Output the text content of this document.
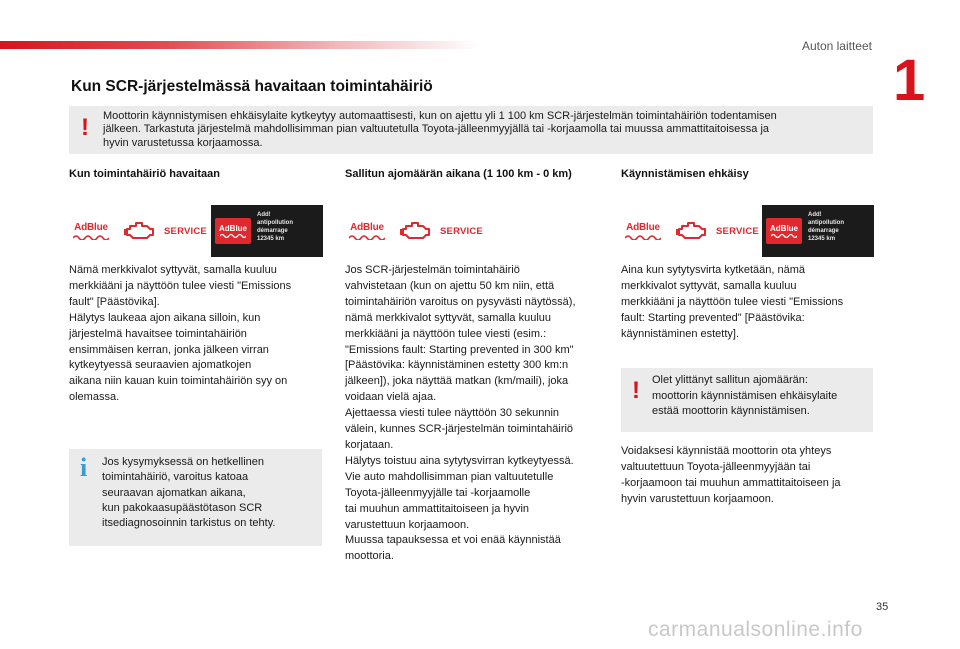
Auton laitteet
1
Kun SCR-järjestelmässä havaitaan toimintahäiriö
! Moottorin käynnistymisen ehkäisylaite kytkeytyy automaattisesti, kun on ajettu yli 1 100 km SCR-järjestelmän toimintahäiriön todentamisen
jälkeen. Tarkastuta järjestelmä mahdollisimman pian valtuutetulla Toyota-jälleenmyyjällä tai -korjaamolla tai muussa ammattitaitoisessa ja
hyvin varustetussa korjaamossa.
Kun toimintahäiriö havaitaan	Sallitun ajomäärän aikana (1 100 km - 0 km)	Käynnistämisen ehkäisy
AdBlue	SERVICE AdBlue
Add!
antipollution
démarrage
12345 km
AdBlue	SERVICE	AdBlue	SERVICE AdBlue
Add!
antipollution
démarrage
12345 km
Nämä merkkivalot syttyvät, samalla kuuluu
merkkiääni ja näyttöön tulee viesti "Emissions
fault" [Päästövika].
Hälytys laukeaa ajon aikana silloin, kun
järjestelmä havaitsee toimintahäiriön
ensimmäisen kerran, jonka jälkeen virran
kytkeytyessä seuraavien ajomatkojen
aikana niin kauan kuin toimintahäiriön syy on
olemassa.
i Jos kysymyksessä on hetkellinen
toimintahäiriö, varoitus katoaa
seuraavan ajomatkan aikana,
kun pakokaasupäästötason SCR
itsediagnosoinnin tarkistus on tehty.
Jos SCR-järjestelmän toimintahäiriö
vahvistetaan (kun on ajettu 50 km niin, että
toimintahäiriön varoitus on pysyvästi näytössä),
nämä merkkivalot syttyvät, samalla kuuluu
merkkiääni ja näyttöön tulee viesti (esim.:
"Emissions fault: Starting prevented in 300 km"
[Päästövika: käynnistäminen estetty 300 km:n
jälkeen]), joka näyttää matkan (km/maili), joka
voidaan vielä ajaa.
Ajettaessa viesti tulee näyttöön 30 sekunnin
välein, kunnes SCR-järjestelmän toimintahäiriö
korjataan.
Hälytys toistuu aina sytytysvirran kytkeytyessä.
Vie auto mahdollisimman pian valtuutetulle
Toyota-jälleenmyyjälle tai -korjaamolle
tai muuhun ammattitaitoiseen ja hyvin
varustettuun korjaamoon.
Muussa tapauksessa et voi enää käynnistää
moottoria.
Aina kun sytytysvirta kytketään, nämä
merkkivalot syttyvät, samalla kuuluu
merkkiääni ja näyttöön tulee viesti "Emissions
fault: Starting prevented" [Päästövika:
käynnistäminen estetty].
! Olet ylittänyt sallitun ajomäärän:
moottorin käynnistämisen ehkäisylaite
estää moottorin käynnistämisen.
Voidaksesi käynnistää moottorin ota yhteys
valtuutettuun Toyota-jälleenmyyjään tai
-korjaamoon tai muuhun ammattitaitoiseen ja
hyvin varustettuun korjaamoon.
35
carmanualsonline.info
